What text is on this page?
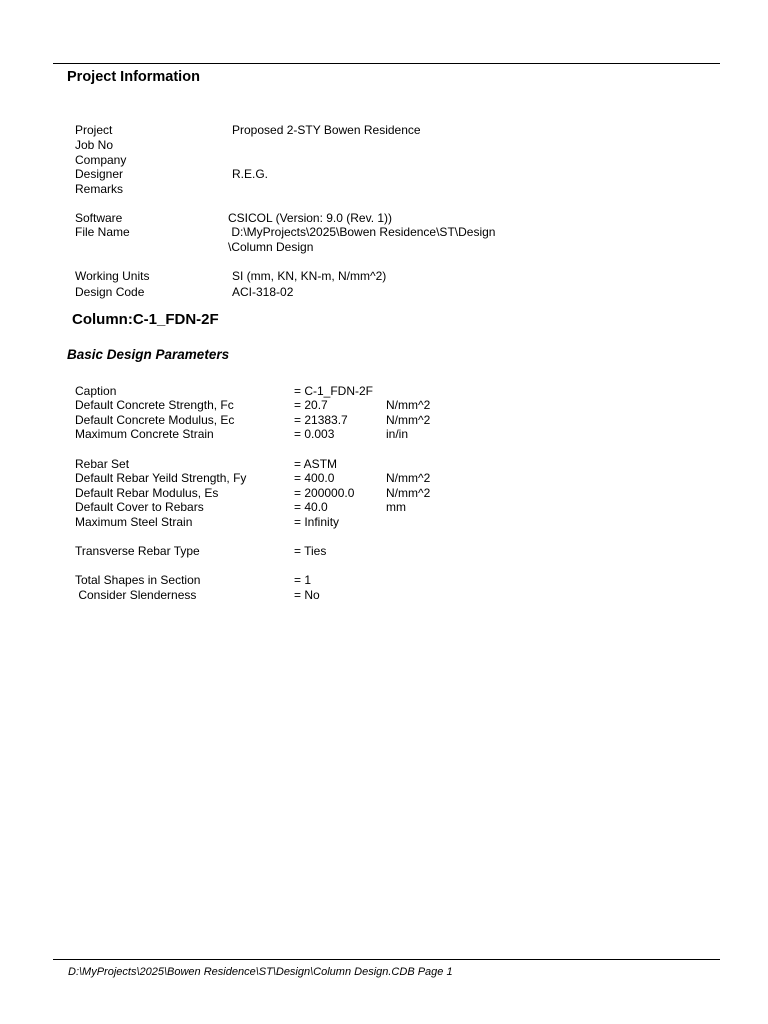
Project Information
Project	Proposed 2-STY Bowen Residence
Job No
Company
Designer	R.E.G.
Remarks
Software	CSICOL (Version: 9.0 (Rev. 1))
File Name	D:\MyProjects\2025\Bowen Residence\ST\Design
\Column Design
Working Units	SI (mm, KN, KN-m, N/mm^2)
Design Code	ACI-318-02
Column:C-1_FDN-2F
Basic Design Parameters
Caption	= C-1_FDN-2F
Default Concrete Strength, Fc	= 20.7	N/mm^2
Default Concrete Modulus, Ec	= 21383.7	N/mm^2
Maximum Concrete Strain	= 0.003	in/in
Rebar Set	= ASTM
Default Rebar Yeild Strength, Fy	= 400.0	N/mm^2
Default Rebar Modulus, Es	= 200000.0	N/mm^2
Default Cover to Rebars	= 40.0	mm
Maximum Steel Strain	= Infinity
Transverse Rebar Type	= Ties
Total Shapes in Section	= 1
Consider Slenderness	= No
D:\MyProjects\2025\Bowen Residence\ST\Design\Column Design.CDB Page 1
